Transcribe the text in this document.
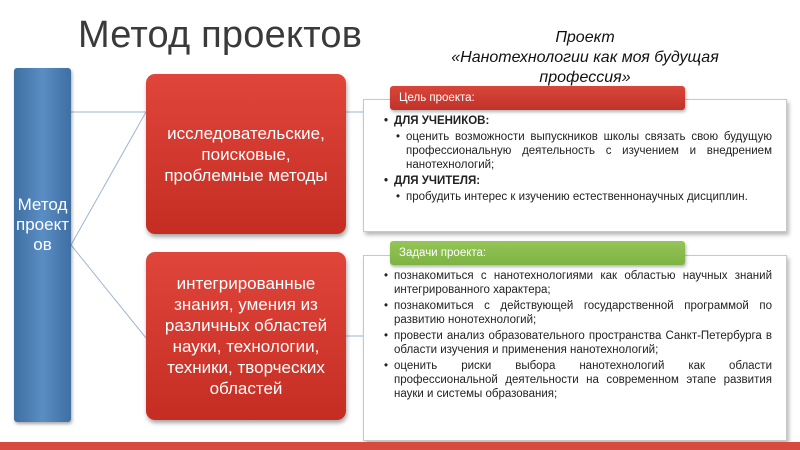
Метод проектов	Проект
«Нанотехнологии как моя будущая профессия»
Метод проектов
исследовательские, поисковые, проблемные методы
интегрированные знания, умения из различных областей науки, технологии, техники, творческих областей
• ДЛЯ УЧЕНИКОВ:
• оценить возможности выпускников школы связать свою будущую профессиональную деятельность с изучением и внедрением нанотехнологий;
• ДЛЯ УЧИТЕЛЯ:
• пробудить интерес к изучению естественнонаучных дисциплин.
Цель проекта:
• познакомиться с нанотехнологиями как областью научных знаний интегрированного характера;
• познакомиться с действующей государственной программой по развитию нонотехнологий;
• провести анализ образовательного пространства Санкт-Петербурга в области изучения и применения нанотехнологий;
• оценить риски выбора нанотехнологий как области профессиональной деятельности на современном этапе развития науки и системы образования;
Задачи проекта:
